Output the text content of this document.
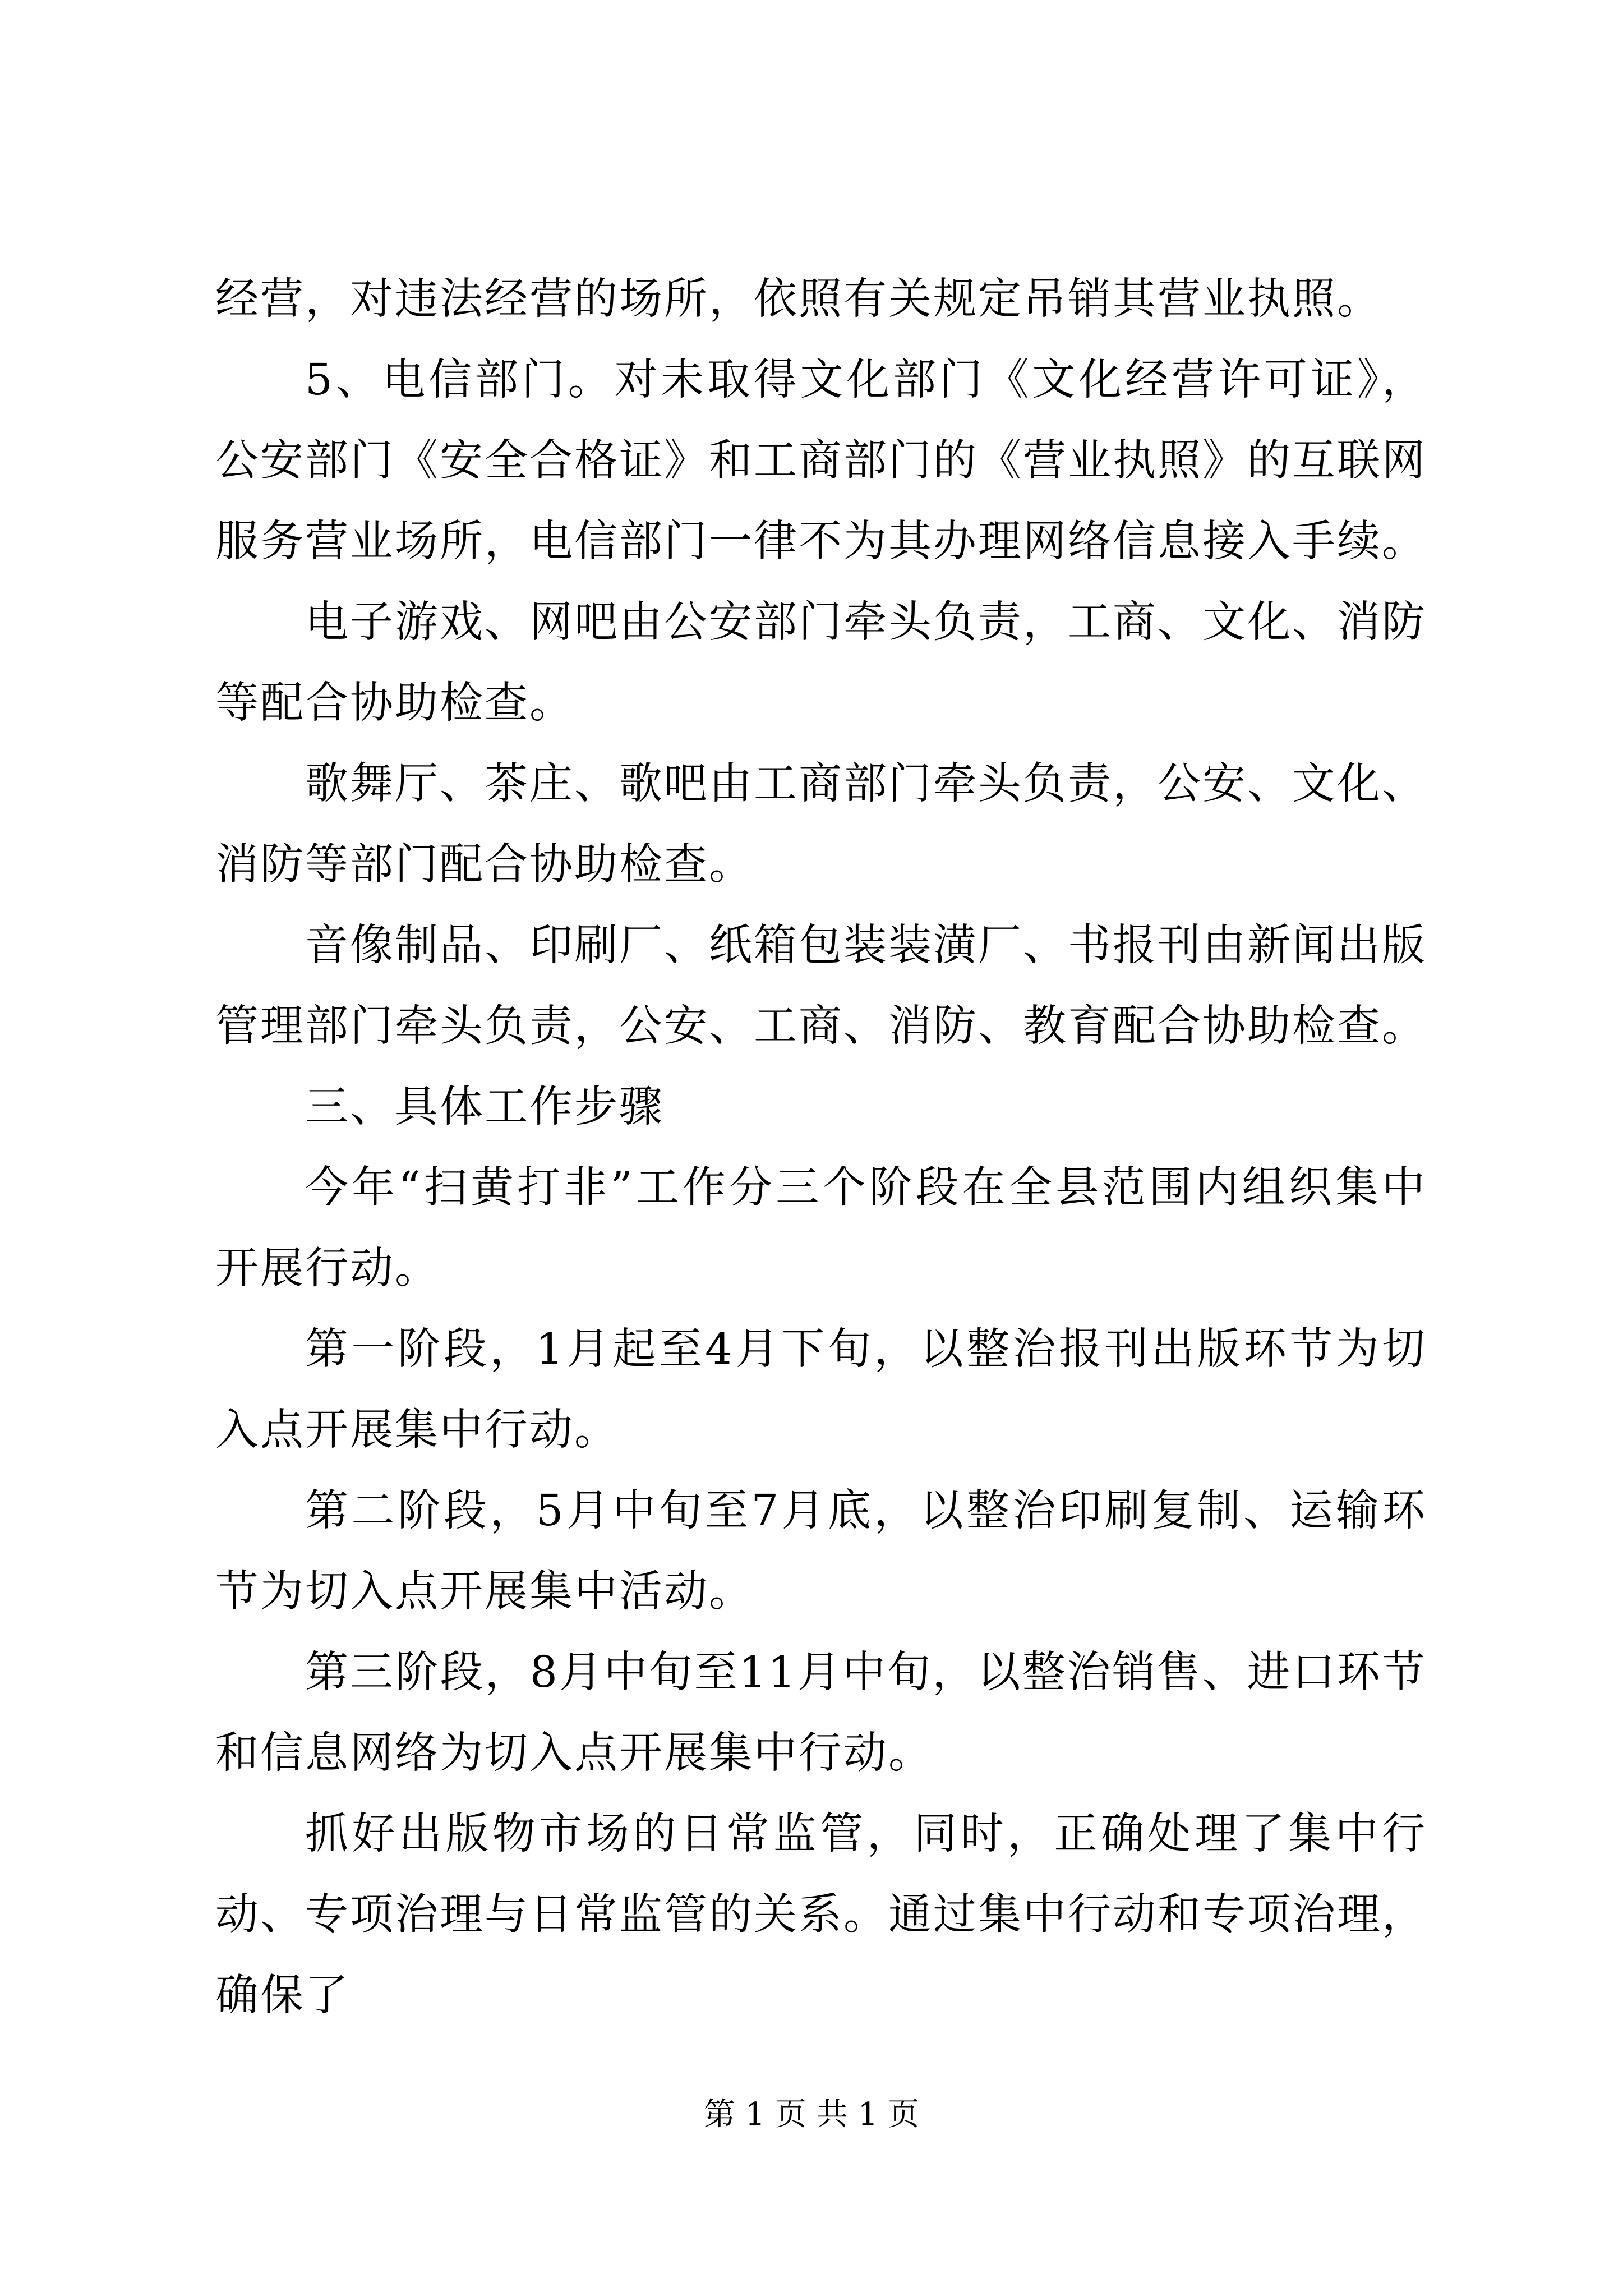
经营，对违法经营的场所，依照有关规定吊销其营业执照。

5、电信部门。对未取得文化部门《文化经营许可证》，公安部门《安全合格证》和工商部门的《营业执照》的互联网服务营业场所，电信部门一律不为其办理网络信息接入手续。

电子游戏、网吧由公安部门牵头负责，工商、文化、消防等配合协助检查。

歌舞厅、茶庄、歌吧由工商部门牵头负责，公安、文化、消防等部门配合协助检查。

音像制品、印刷厂、纸箱包装装潢厂、书报刊由新闻出版管理部门牵头负责，公安、工商、消防、教育配合协助检查。

三、具体工作步骤

今年“扫黄打非”工作分三个阶段在全县范围内组织集中开展行动。

第一阶段，1月起至4月下旬，以整治报刊出版环节为切入点开展集中行动。

第二阶段，5月中旬至7月底，以整治印刷复制、运输环节为切入点开展集中活动。

第三阶段，8月中旬至11月中旬，以整治销售、进口环节和信息网络为切入点开展集中行动。

抓好出版物市场的日常监管，同时，正确处理了集中行动、专项治理与日常监管的关系。通过集中行动和专项治理，确保了

第 1 页 共 1 页
